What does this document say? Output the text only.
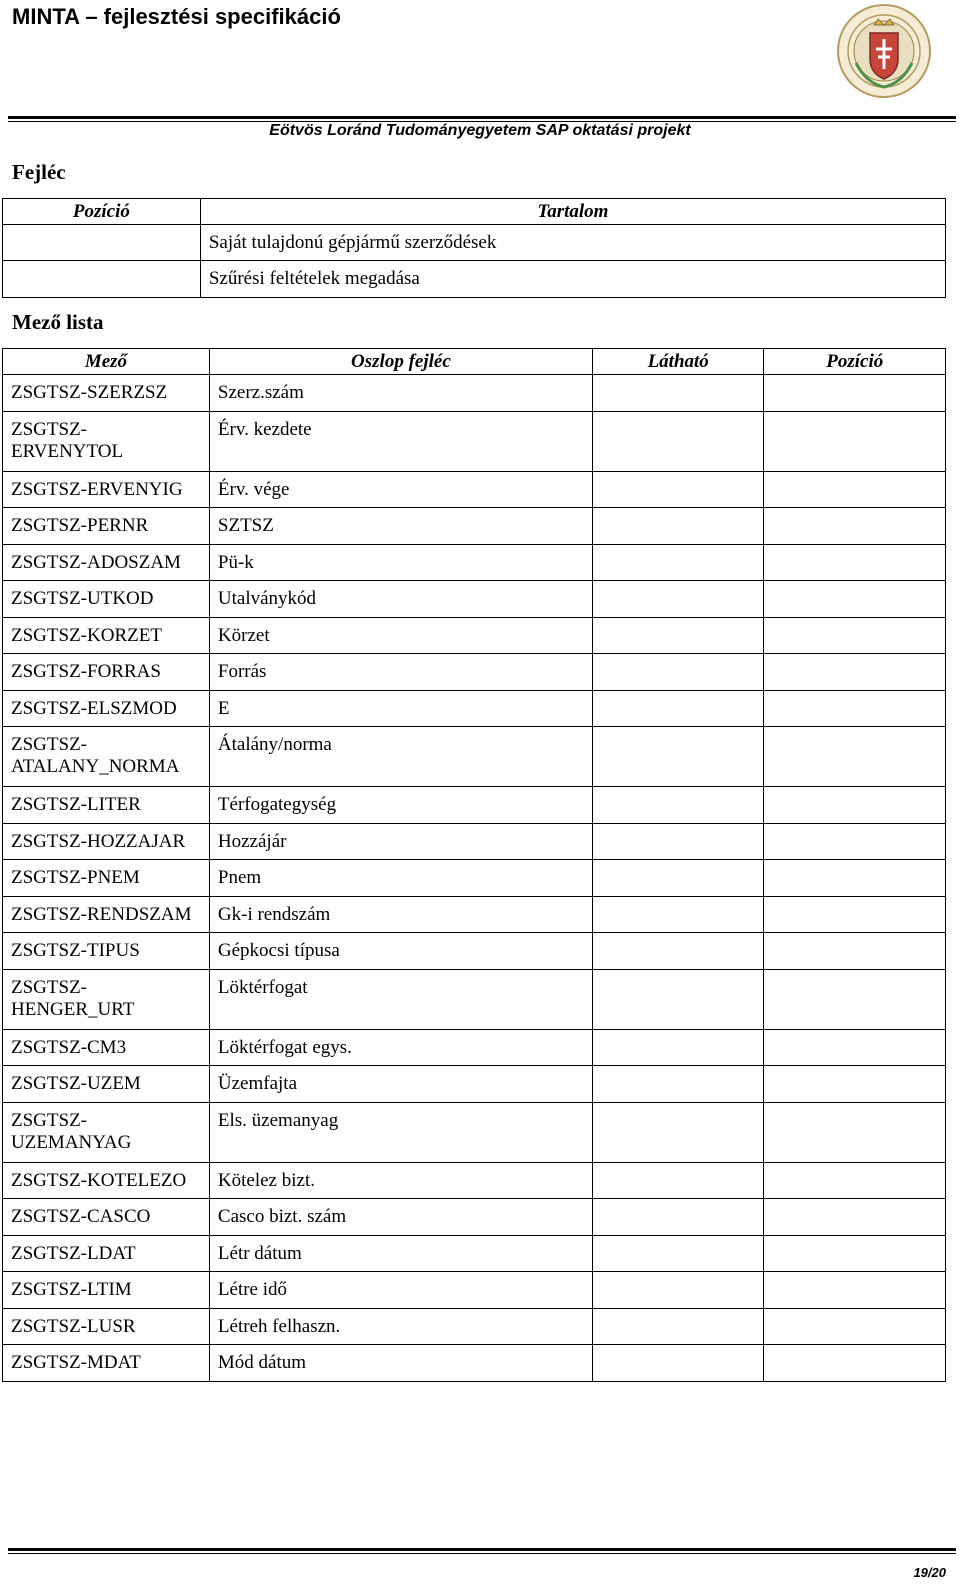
MINTA – fejlesztési specifikáció
Eötvös Loránd Tudományegyetem SAP oktatási projekt
Fejléc
Pozíció	Tartalom
	Saját tulajdonú gépjármű szerződések
	Szűrési feltételek megadása
Mező lista
Mező	Oszlop fejléc	Látható	Pozíció
ZSGTSZ-SZERZSZ	Szerz.szám		
ZSGTSZ-
ERVENYTOL	Érv. kezdete		
ZSGTSZ-ERVENYIG	Érv. vége		
ZSGTSZ-PERNR	SZTSZ		
ZSGTSZ-ADOSZAM	Pü-k		
ZSGTSZ-UTKOD	Utalványkód		
ZSGTSZ-KORZET	Körzet		
ZSGTSZ-FORRAS	Forrás		
ZSGTSZ-ELSZMOD	E		
ZSGTSZ-
ATALANY_NORMA	Átalány/norma		
ZSGTSZ-LITER	Térfogategység		
ZSGTSZ-HOZZAJAR	Hozzájár		
ZSGTSZ-PNEM	Pnem		
ZSGTSZ-RENDSZAM	Gk-i rendszám		
ZSGTSZ-TIPUS	Gépkocsi típusa		
ZSGTSZ-
HENGER_URT	Löktérfogat		
ZSGTSZ-CM3	Löktérfogat egys.		
ZSGTSZ-UZEM	Üzemfajta		
ZSGTSZ-
UZEMANYAG	Els. üzemanyag		
ZSGTSZ-KOTELEZO	Kötelez bizt.		
ZSGTSZ-CASCO	Casco bizt. szám		
ZSGTSZ-LDAT	Létr dátum		
ZSGTSZ-LTIM	Létre idő		
ZSGTSZ-LUSR	Létreh felhaszn.		
ZSGTSZ-MDAT	Mód dátum		
19/20
